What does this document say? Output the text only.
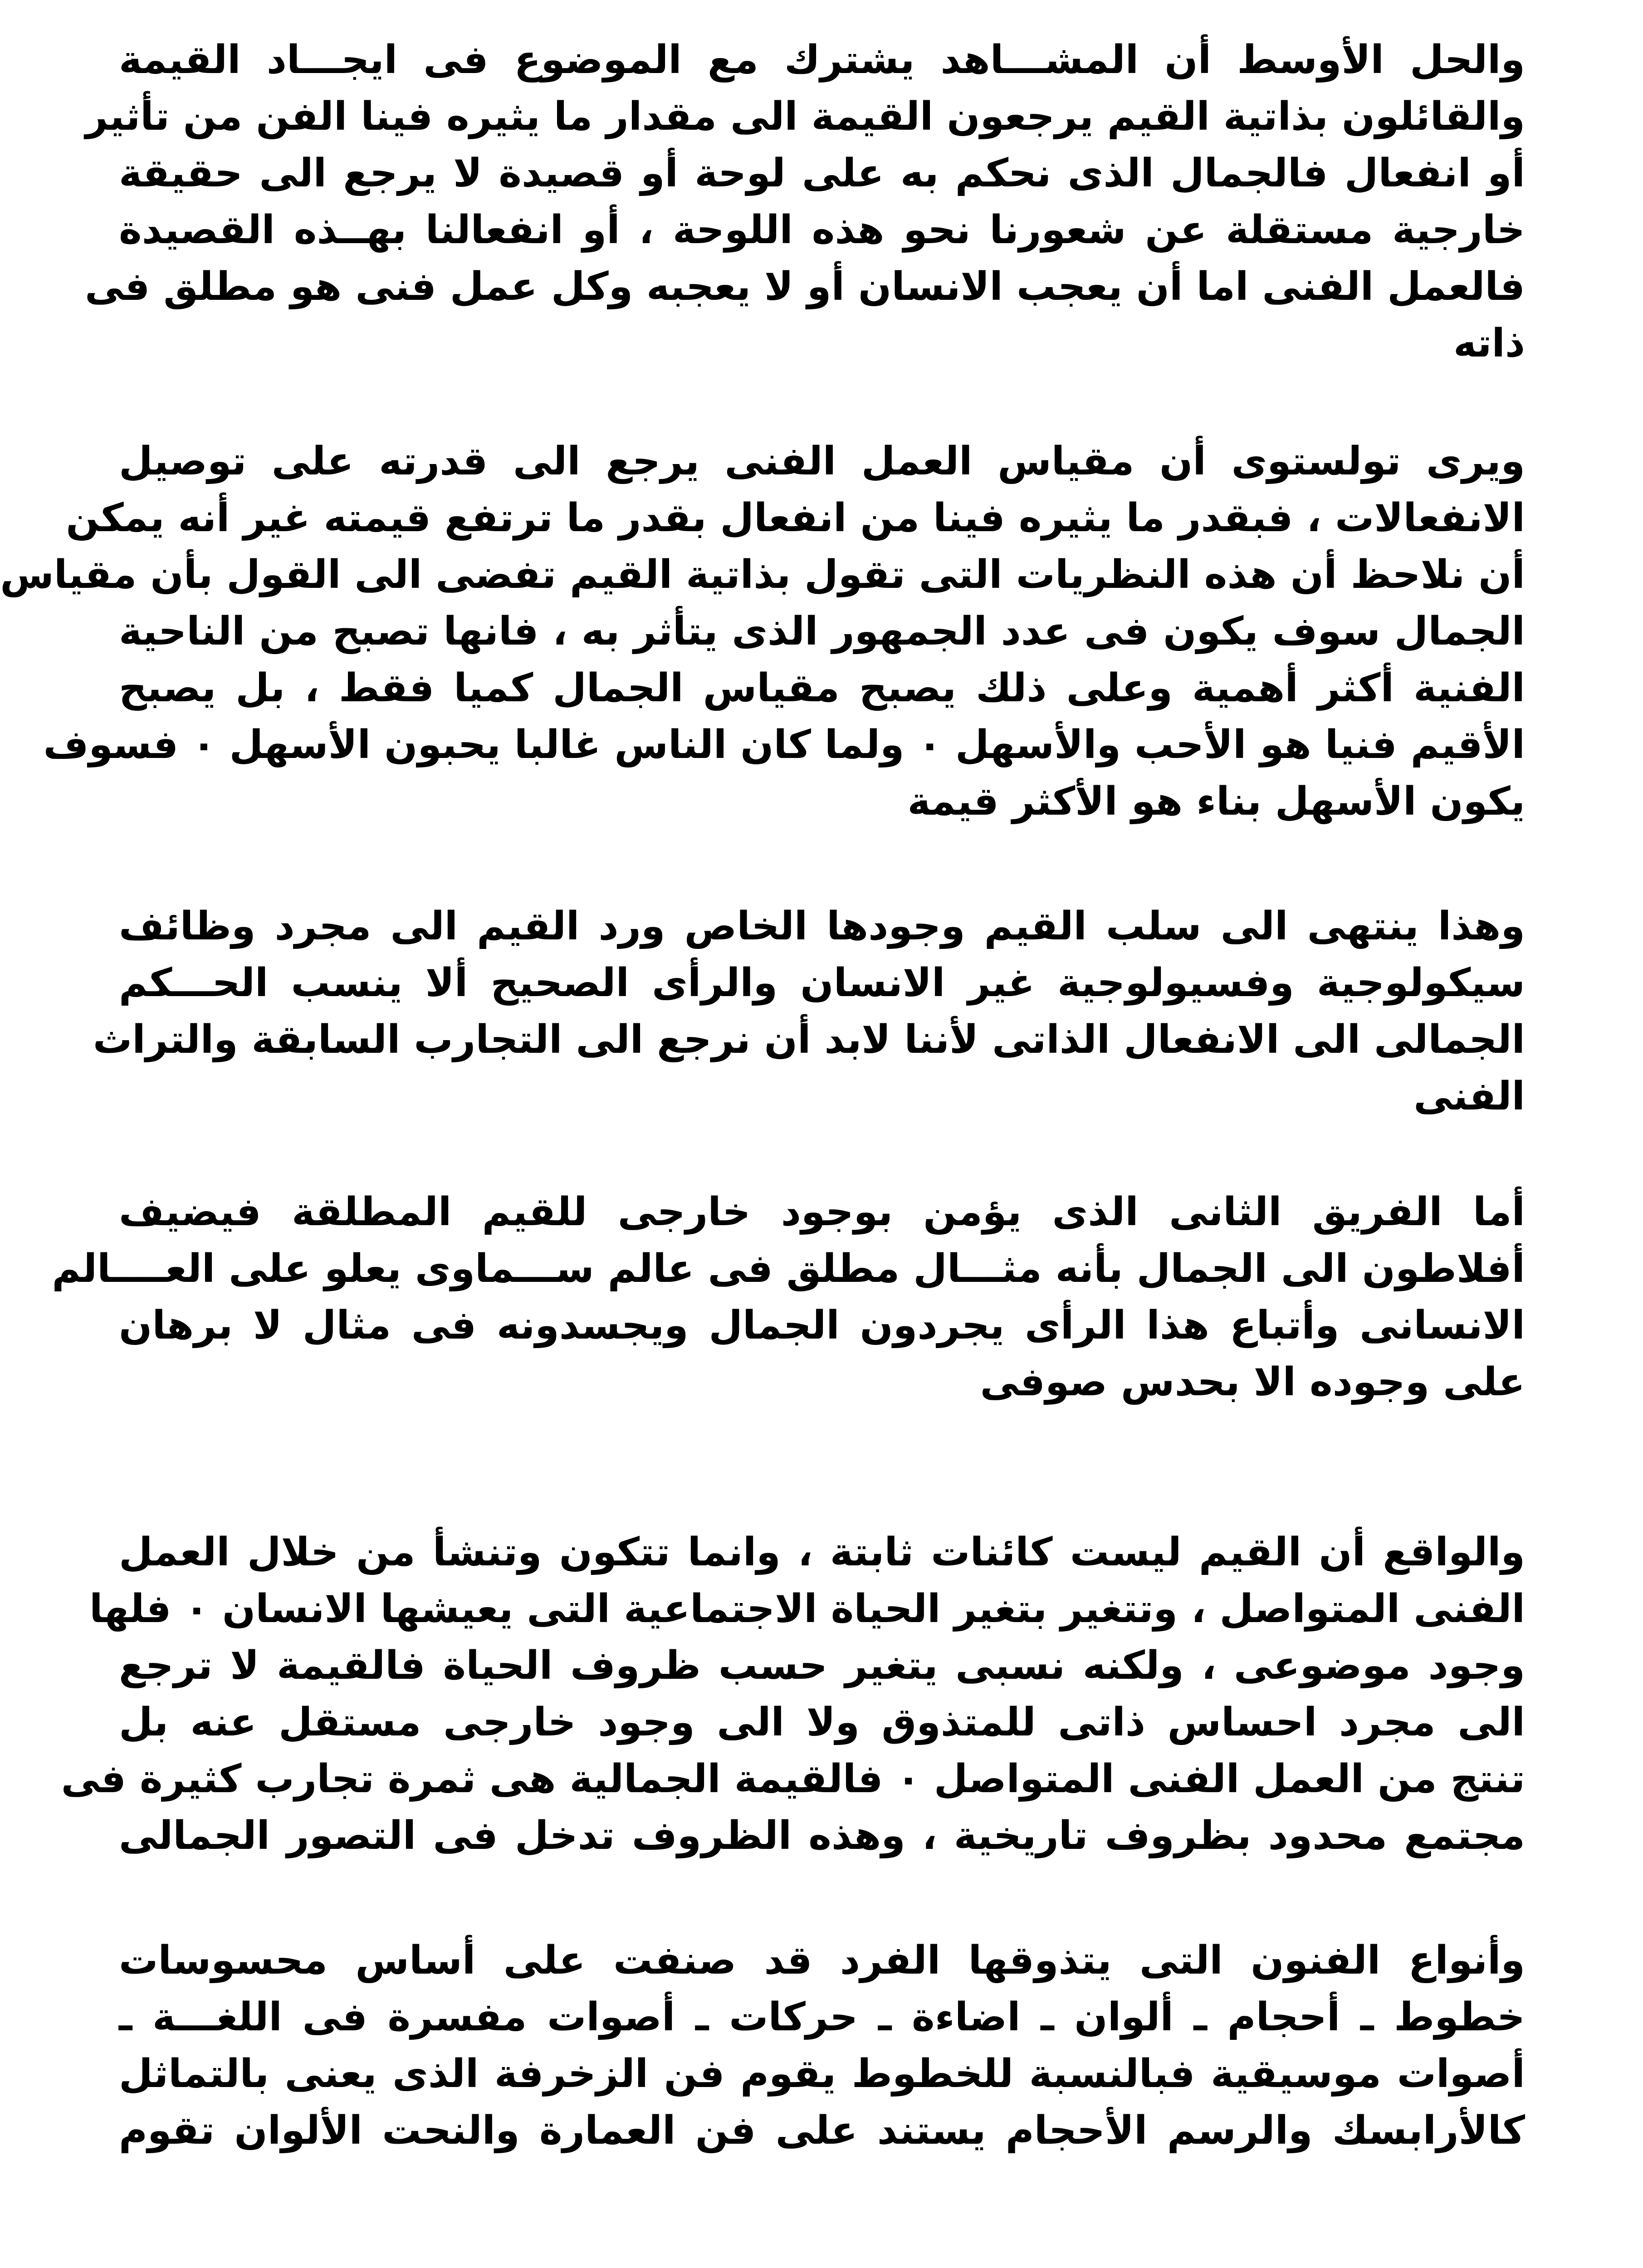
والحل الأوسط أن المشـــاهد يشترك مع الموضوع فى ايجـــاد القيمة
والقائلون بذاتية القيم يرجعون القيمة الى مقدار ما يثيره فينا الفن من تأثير
أو انفعال فالجمال الذى نحكم به على لوحة أو قصيدة لا يرجع الى حقيقة
خارجية مستقلة عن شعورنا نحو هذه اللوحة ، أو انفعالنا بهــذه القصيدة
فالعمل الفنى اما أن يعجب الانسان أو لا يعجبه وكل عمل فنى هو مطلق فى
ذاته
ويرى تولستوى أن مقياس العمل الفنى يرجع الى قدرته على توصيل
الانفعالات ، فبقدر ما يثيره فينا من انفعال بقدر ما ترتفع قيمته غير أنه يمكن
أن نلاحظ أن هذه النظريات التى تقول بذاتية القيم تفضى الى القول بأن مقياس
الجمال سوف يكون فى عدد الجمهور الذى يتأثر به ، فانها تصبح من الناحية
الفنية أكثر أهمية وعلى ذلك يصبح مقياس الجمال كميا فقط ، بل يصبح
الأقيم فنيا هو الأحب والأسهل ٠ ولما كان الناس غالبا يحبون الأسهل ٠ فسوف
يكون الأسهل بناء هو الأكثر قيمة
وهذا ينتهى الى سلب القيم وجودها الخاص ورد القيم الى مجرد وظائف
سيكولوجية وفسيولوجية غير الانسان والرأى الصحيح ألا ينسب الحـــكم
الجمالى الى الانفعال الذاتى لأننا لابد أن نرجع الى التجارب السابقة والتراث
الفنى
أما الفريق الثانى الذى يؤمن بوجود خارجى للقيم المطلقة فيضيف
أفلاطون الى الجمال بأنه مثـــال مطلق فى عالم ســـماوى يعلو على العــــالم
الانسانى وأتباع هذا الرأى يجردون الجمال ويجسدونه فى مثال لا برهان
على وجوده الا بحدس صوفى
والواقع أن القيم ليست كائنات ثابتة ، وانما تتكون وتنشأ من خلال العمل
الفنى المتواصل ، وتتغير بتغير الحياة الاجتماعية التى يعيشها الانسان ٠ فلها
وجود موضوعى ، ولكنه نسبى يتغير حسب ظروف الحياة فالقيمة لا ترجع
الى مجرد احساس ذاتى للمتذوق ولا الى وجود خارجى مستقل عنه بل
تنتج من العمل الفنى المتواصل ٠ فالقيمة الجمالية هى ثمرة تجارب كثيرة فى
مجتمع محدود بظروف تاريخية ، وهذه الظروف تدخل فى التصور الجمالى
وأنواع الفنون التى يتذوقها الفرد قد صنفت على أساس محسوسات
خطوط ـ أحجام ـ ألوان ـ اضاءة ـ حركات ـ أصوات مفسرة فى اللغـــة ـ
أصوات موسيقية فبالنسبة للخطوط يقوم فن الزخرفة الذى يعنى بالتماثل
كالأرابسك والرسم الأحجام يستند على فن العمارة والنحت الألوان تقوم
